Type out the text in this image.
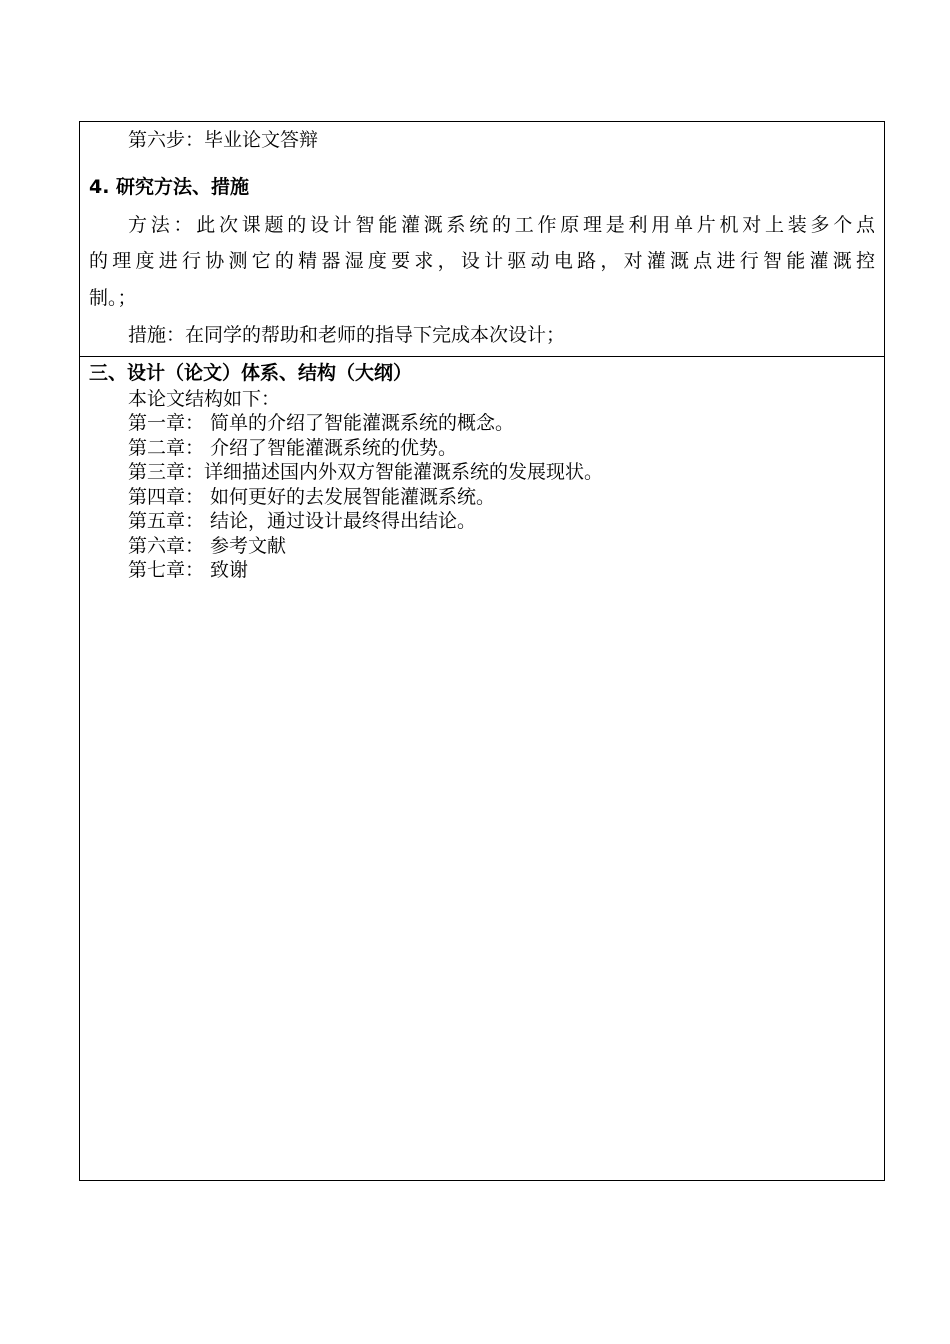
第六步：毕业论文答辩
4. 研究方法、措施
方法：此次课题的设计智能灌溉系统的工作原理是利用单片机对上装多个点
的理度进行协测它的精器湿度要求，设计驱动电路，对灌溉点进行智能灌溉控
制。；
措施：在同学的帮助和老师的指导下完成本次设计；
三、设计（论文）体系、结构（大纲）
本论文结构如下：
第一章： 简单的介绍了智能灌溉系统的概念。
第二章： 介绍了智能灌溉系统的优势。
第三章：详细描述国内外双方智能灌溉系统的发展现状。
第四章： 如何更好的去发展智能灌溉系统。
第五章： 结论，通过设计最终得出结论。
第六章： 参考文献
第七章： 致谢
